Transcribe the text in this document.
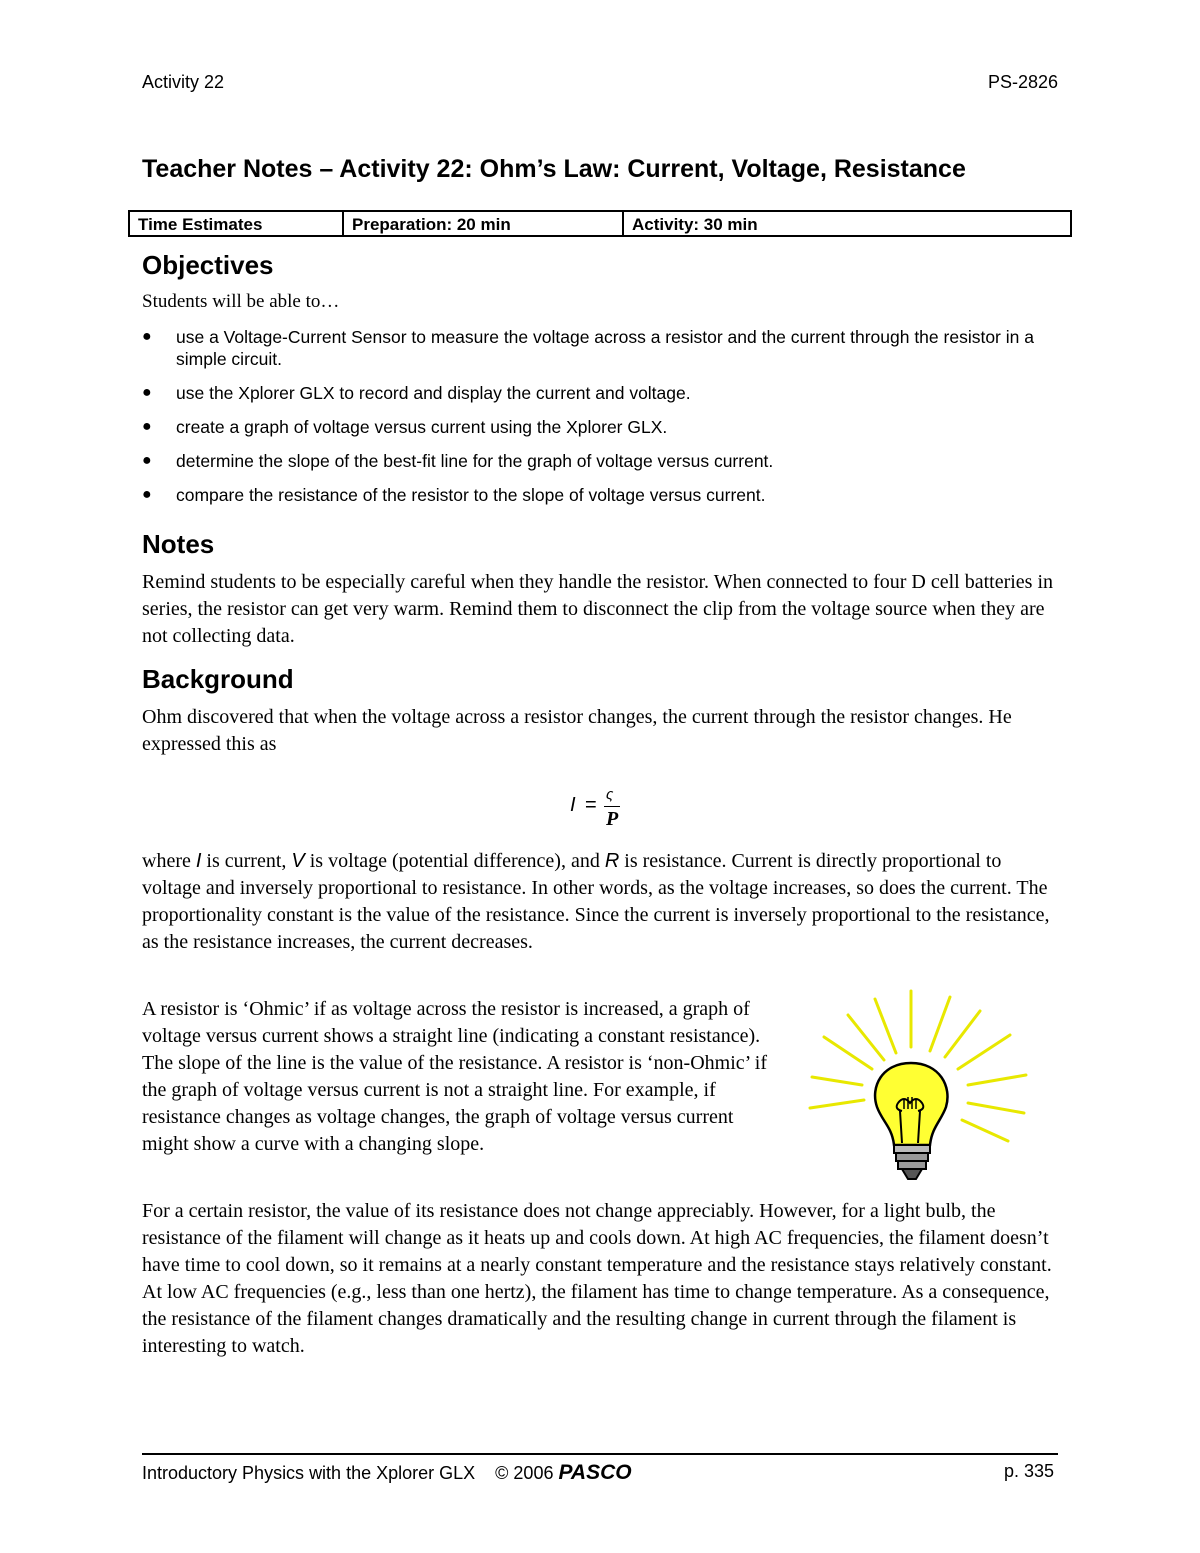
Activity 22	PS-2826
Teacher Notes – Activity 22: Ohm’s Law: Current, Voltage, Resistance
Time Estimates	Preparation: 20 min	Activity: 30 min
Objectives

Students will be able to…

● use a Voltage-Current Sensor to measure the voltage across a resistor and the current through the resistor in a simple circuit.
● use the Xplorer GLX to record and display the current and voltage.
● create a graph of voltage versus current using the Xplorer GLX.
● determine the slope of the best-fit line for the graph of voltage versus current.
● compare the resistance of the resistor to the slope of voltage versus current.
Notes

Remind students to be especially careful when they handle the resistor. When connected to four D cell batteries in series, the resistor can get very warm. Remind them to disconnect the clip from the voltage source when they are not collecting data.

Background

Ohm discovered that when the voltage across a resistor changes, the current through the resistor changes. He expressed this as

I = ς
P

where I is current, V is voltage (potential difference), and R is resistance. Current is directly proportional to voltage and inversely proportional to resistance. In other words, as the voltage increases, so does the current. The proportionality constant is the value of the resistance. Since the current is inversely proportional to the resistance, as the resistance increases, the current decreases.

A resistor is ‘Ohmic’ if as voltage across the resistor is increased, a graph of voltage versus current shows a straight line (indicating a constant resistance). The slope of the line is the value of the resistance. A resistor is ‘non-Ohmic’ if the graph of voltage versus current is not a straight line. For example, if resistance changes as voltage changes, the graph of voltage versus current might show a curve with a changing slope.

For a certain resistor, the value of its resistance does not change appreciably. However, for a light bulb, the resistance of the filament will change as it heats up and cools down. At high AC frequencies, the filament doesn’t have time to cool down, so it remains at a nearly constant temperature and the resistance stays relatively constant. At low AC frequencies (e.g., less than one hertz), the filament has time to change temperature. As a consequence, the resistance of the filament changes dramatically and the resulting change in current through the filament is interesting to watch.

Introductory Physics with the Xplorer GLX © 2006 PASCO	p. 335
